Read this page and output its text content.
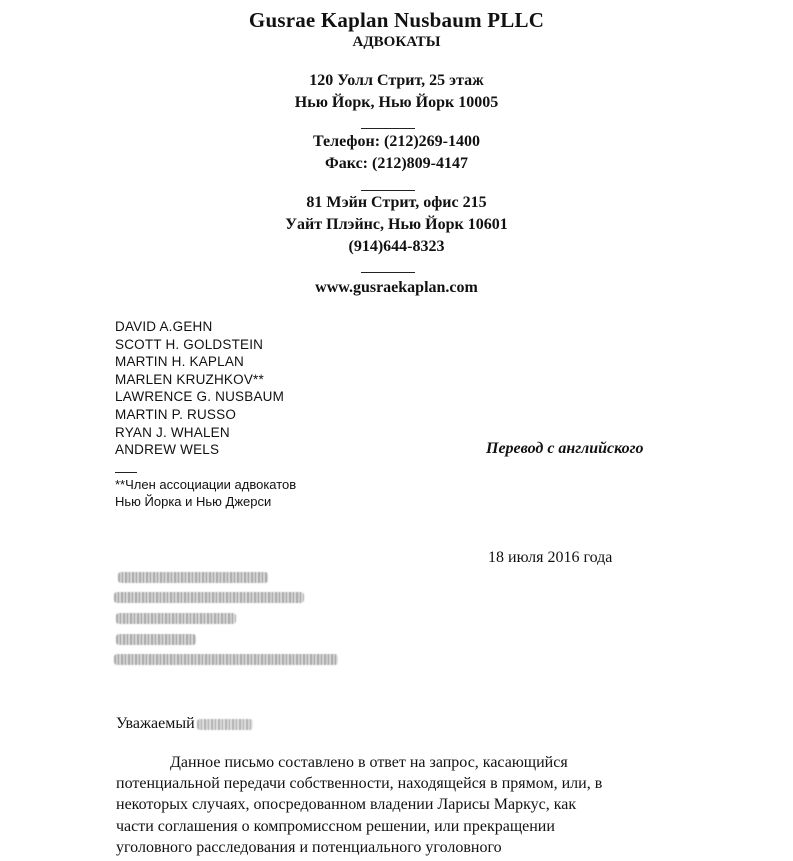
Gusrae Kaplan Nusbaum PLLC
АДВОКАТЫ
120 Уолл Стрит, 25 этаж
Нью Йорк, Нью Йорк 10005
Телефон: (212)269-1400
Факс: (212)809-4147
81 Мэйн Стрит, офис 215
Уайт Плэйнс, Нью Йорк 10601
(914)644-8323
www.gusraekaplan.com
DAVID A.GEHN
SCOTT H. GOLDSTEIN
MARTIN H. KAPLAN
MARLEN KRUZHKOV**
LAWRENCE G. NUSBAUM
MARTIN P. RUSSO
RYAN J. WHALEN
ANDREW WELS
**Член ассоциации адвокатов
Нью Йорка и Нью Джерси
Перевод с английского
18 июля 2016 года
Уважаемый
Данное письмо составлено в ответ на запрос, касающийся
потенциальной передачи собственности, находящейся в прямом, или, в
некоторых случаях, опосредованном владении Ларисы Маркус, как
части соглашения о компромиссном решении, или прекращении
уголовного расследования и потенциального уголовного
